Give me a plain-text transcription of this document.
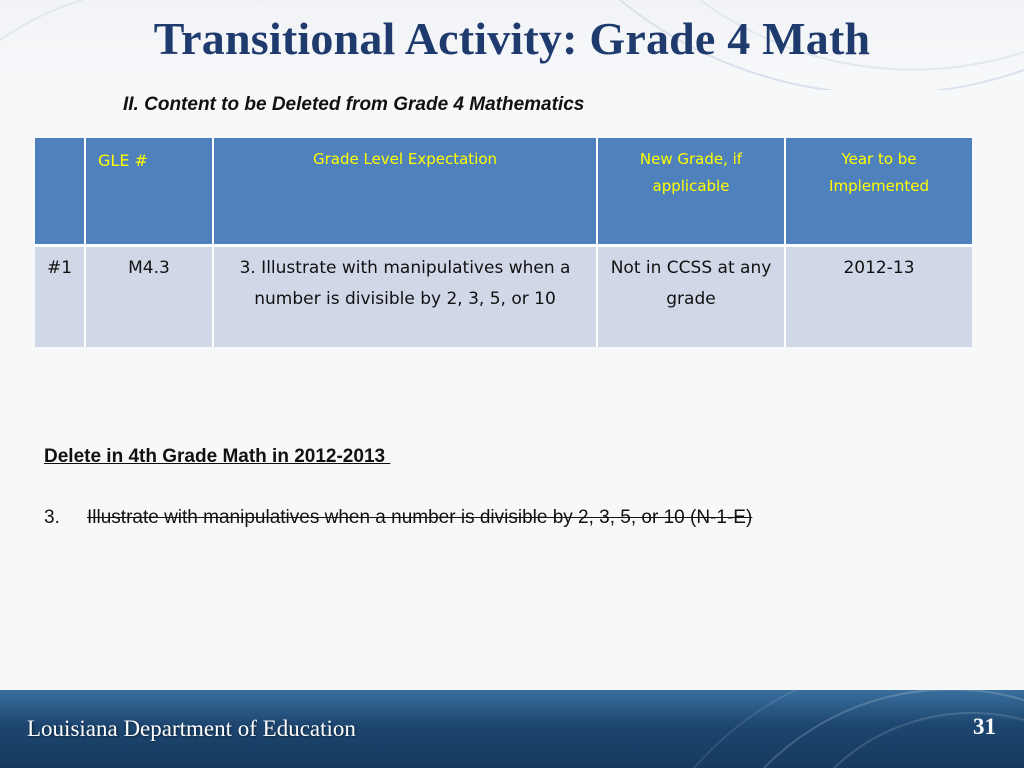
Transitional Activity: Grade 4 Math
II. Content to be Deleted from Grade 4 Mathematics
	GLE #	Grade Level Expectation	New Grade, if applicable	Year to be Implemented
#1	M4.3	3. Illustrate with manipulatives when a number is divisible by 2, 3, 5, or 10	Not in CCSS at any grade	2012-13
Delete in 4th Grade Math in 2012-2013
3. Illustrate with manipulatives when a number is divisible by 2, 3, 5, or 10 (N-1-E)
Louisiana Department of Education	31
